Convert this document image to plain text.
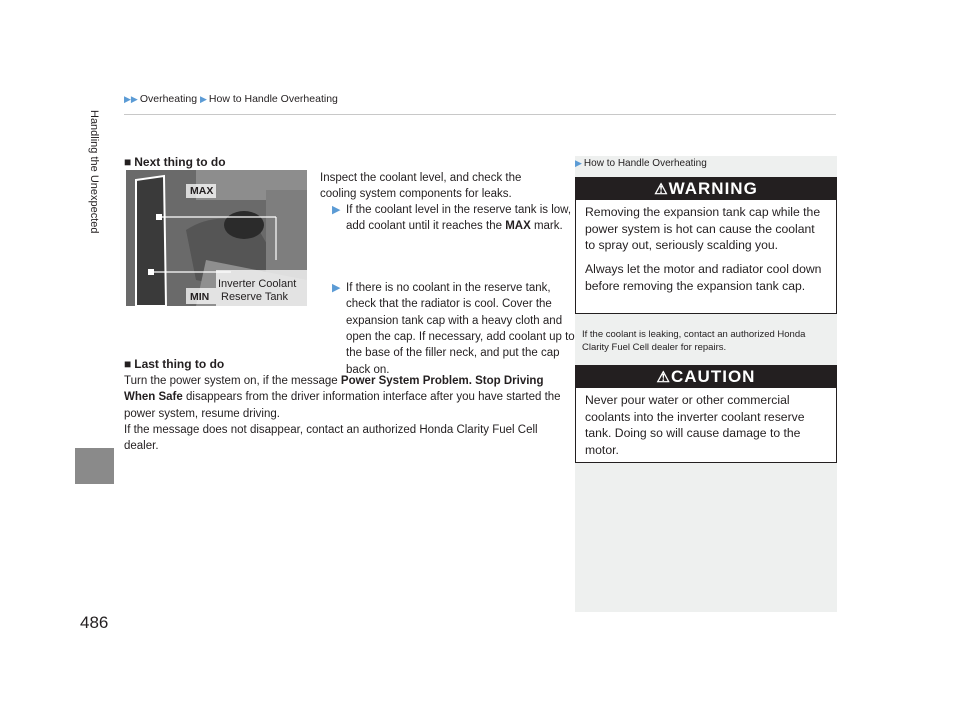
▶▶ Overheating ▶ How to Handle Overheating
Handling the Unexpected
486
■ Next thing to do
MAX
MIN
Inverter Coolant
Reserve Tank
Inspect the coolant level, and check the cooling system components for leaks.
▶ If the coolant level in the reserve tank is low, add coolant until it reaches the MAX mark.
▶ If there is no coolant in the reserve tank, check that the radiator is cool. Cover the expansion tank cap with a heavy cloth and open the cap. If necessary, add coolant up to the base of the filler neck, and put the cap back on.
■ Last thing to do
Turn the power system on, if the message Power System Problem. Stop Driving When Safe disappears from the driver information interface after you have started the power system, resume driving.
If the message does not disappear, contact an authorized Honda Clarity Fuel Cell dealer.
▶ How to Handle Overheating
⚠WARNING
Removing the expansion tank cap while the power system is hot can cause the coolant to spray out, seriously scalding you.
Always let the motor and radiator cool down before removing the expansion tank cap.
If the coolant is leaking, contact an authorized Honda Clarity Fuel Cell dealer for repairs.
⚠CAUTION
Never pour water or other commercial coolants into the inverter coolant reserve tank. Doing so will cause damage to the motor.
